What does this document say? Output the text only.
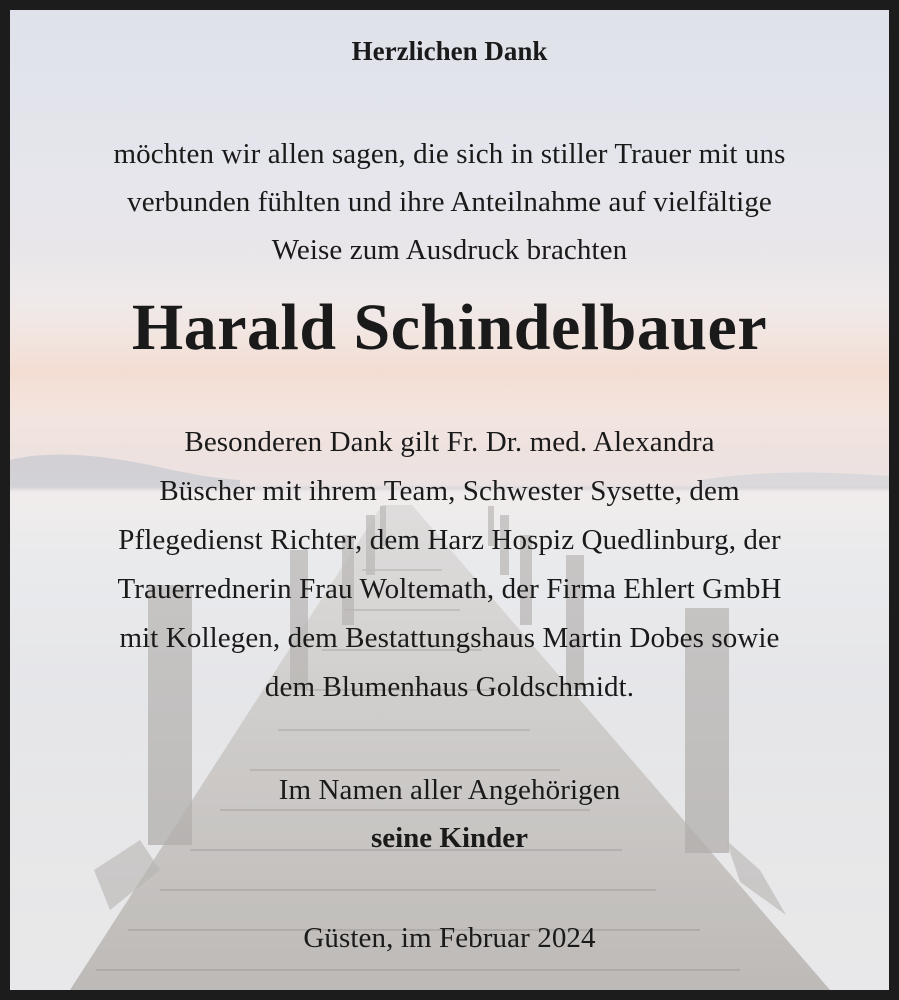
Herzlichen Dank
möchten wir allen sagen, die sich in stiller Trauer mit uns
verbunden fühlten und ihre Anteilnahme auf vielfältige
Weise zum Ausdruck brachten
Harald Schindelbauer
Besonderen Dank gilt Fr. Dr. med. Alexandra
Büscher mit ihrem Team, Schwester Sysette, dem
Pflegedienst Richter, dem Harz Hospiz Quedlinburg, der
Trauerrednerin Frau Woltemath, der Firma Ehlert GmbH
mit Kollegen, dem Bestattungshaus Martin Dobes sowie
dem Blumenhaus Goldschmidt.
Im Namen aller Angehörigen
seine Kinder
Güsten, im Februar 2024
